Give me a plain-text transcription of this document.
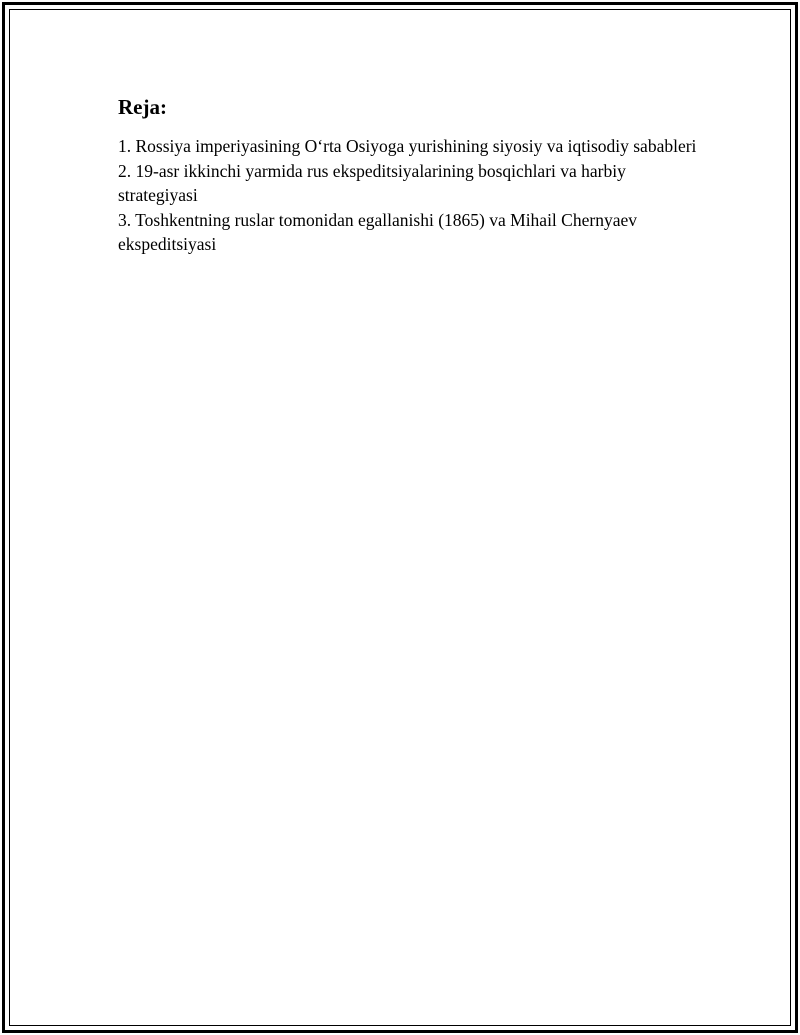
Reja:

1. Rossiya imperiyasining O‘rta Osiyoga yurishining siyosiy va iqtisodiy sabableri

2. 19-asr ikkinchi yarmida rus ekspeditsiyalarining bosqichlari va harbiy strategiyasi

3. Toshkentning ruslar tomonidan egallanishi (1865) va Mihail Chernyaev ekspeditsiyasi
